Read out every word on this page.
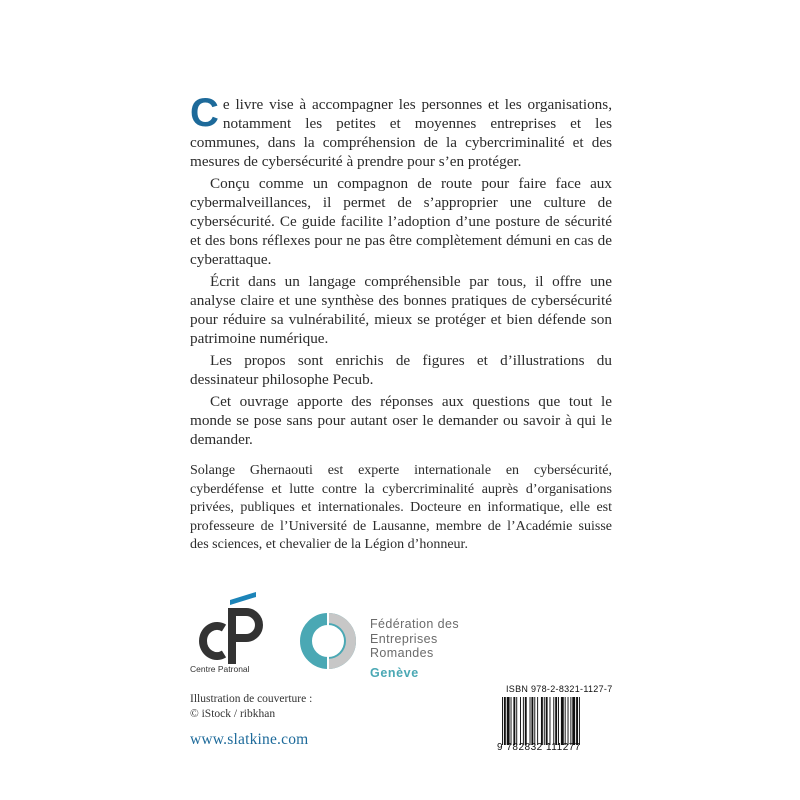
Ce livre vise à accompagner les personnes et les organisations, notamment les petites et moyennes entreprises et les communes, dans la compréhension de la cybercriminalité et des mesures de cybersécurité à prendre pour s’en protéger.

Conçu comme un compagnon de route pour faire face aux cybermalveillances, il permet de s’approprier une culture de cybersécurité. Ce guide facilite l’adoption d’une posture de sécurité et des bons réflexes pour ne pas être complètement démuni en cas de cyberattaque.

Écrit dans un langage compréhensible par tous, il offre une analyse claire et une synthèse des bonnes pratiques de cybersécurité pour réduire sa vulnérabilité, mieux se protéger et bien défende son patrimoine numérique.

Les propos sont enrichis de figures et d’illustrations du dessinateur philosophe Pecub.

Cet ouvrage apporte des réponses aux questions que tout le monde se pose sans pour autant oser le demander ou savoir à qui le demander.

Solange Ghernaouti est experte internationale en cybersécurité, cyberdéfense et lutte contre la cybercriminalité auprès d’organisations privées, publiques et internationales. Docteure en informatique, elle est professeure de l’Université de Lausanne, membre de l’Académie suisse des sciences, et chevalier de la Légion d’honneur.

Centre Patronal
Fédération des
Entreprises
Romandes
Genève
Illustration de couverture :
© iStock / ribkhan
www.slatkine.com
ISBN 978-2-8321-1127-7
9 782832 111277
